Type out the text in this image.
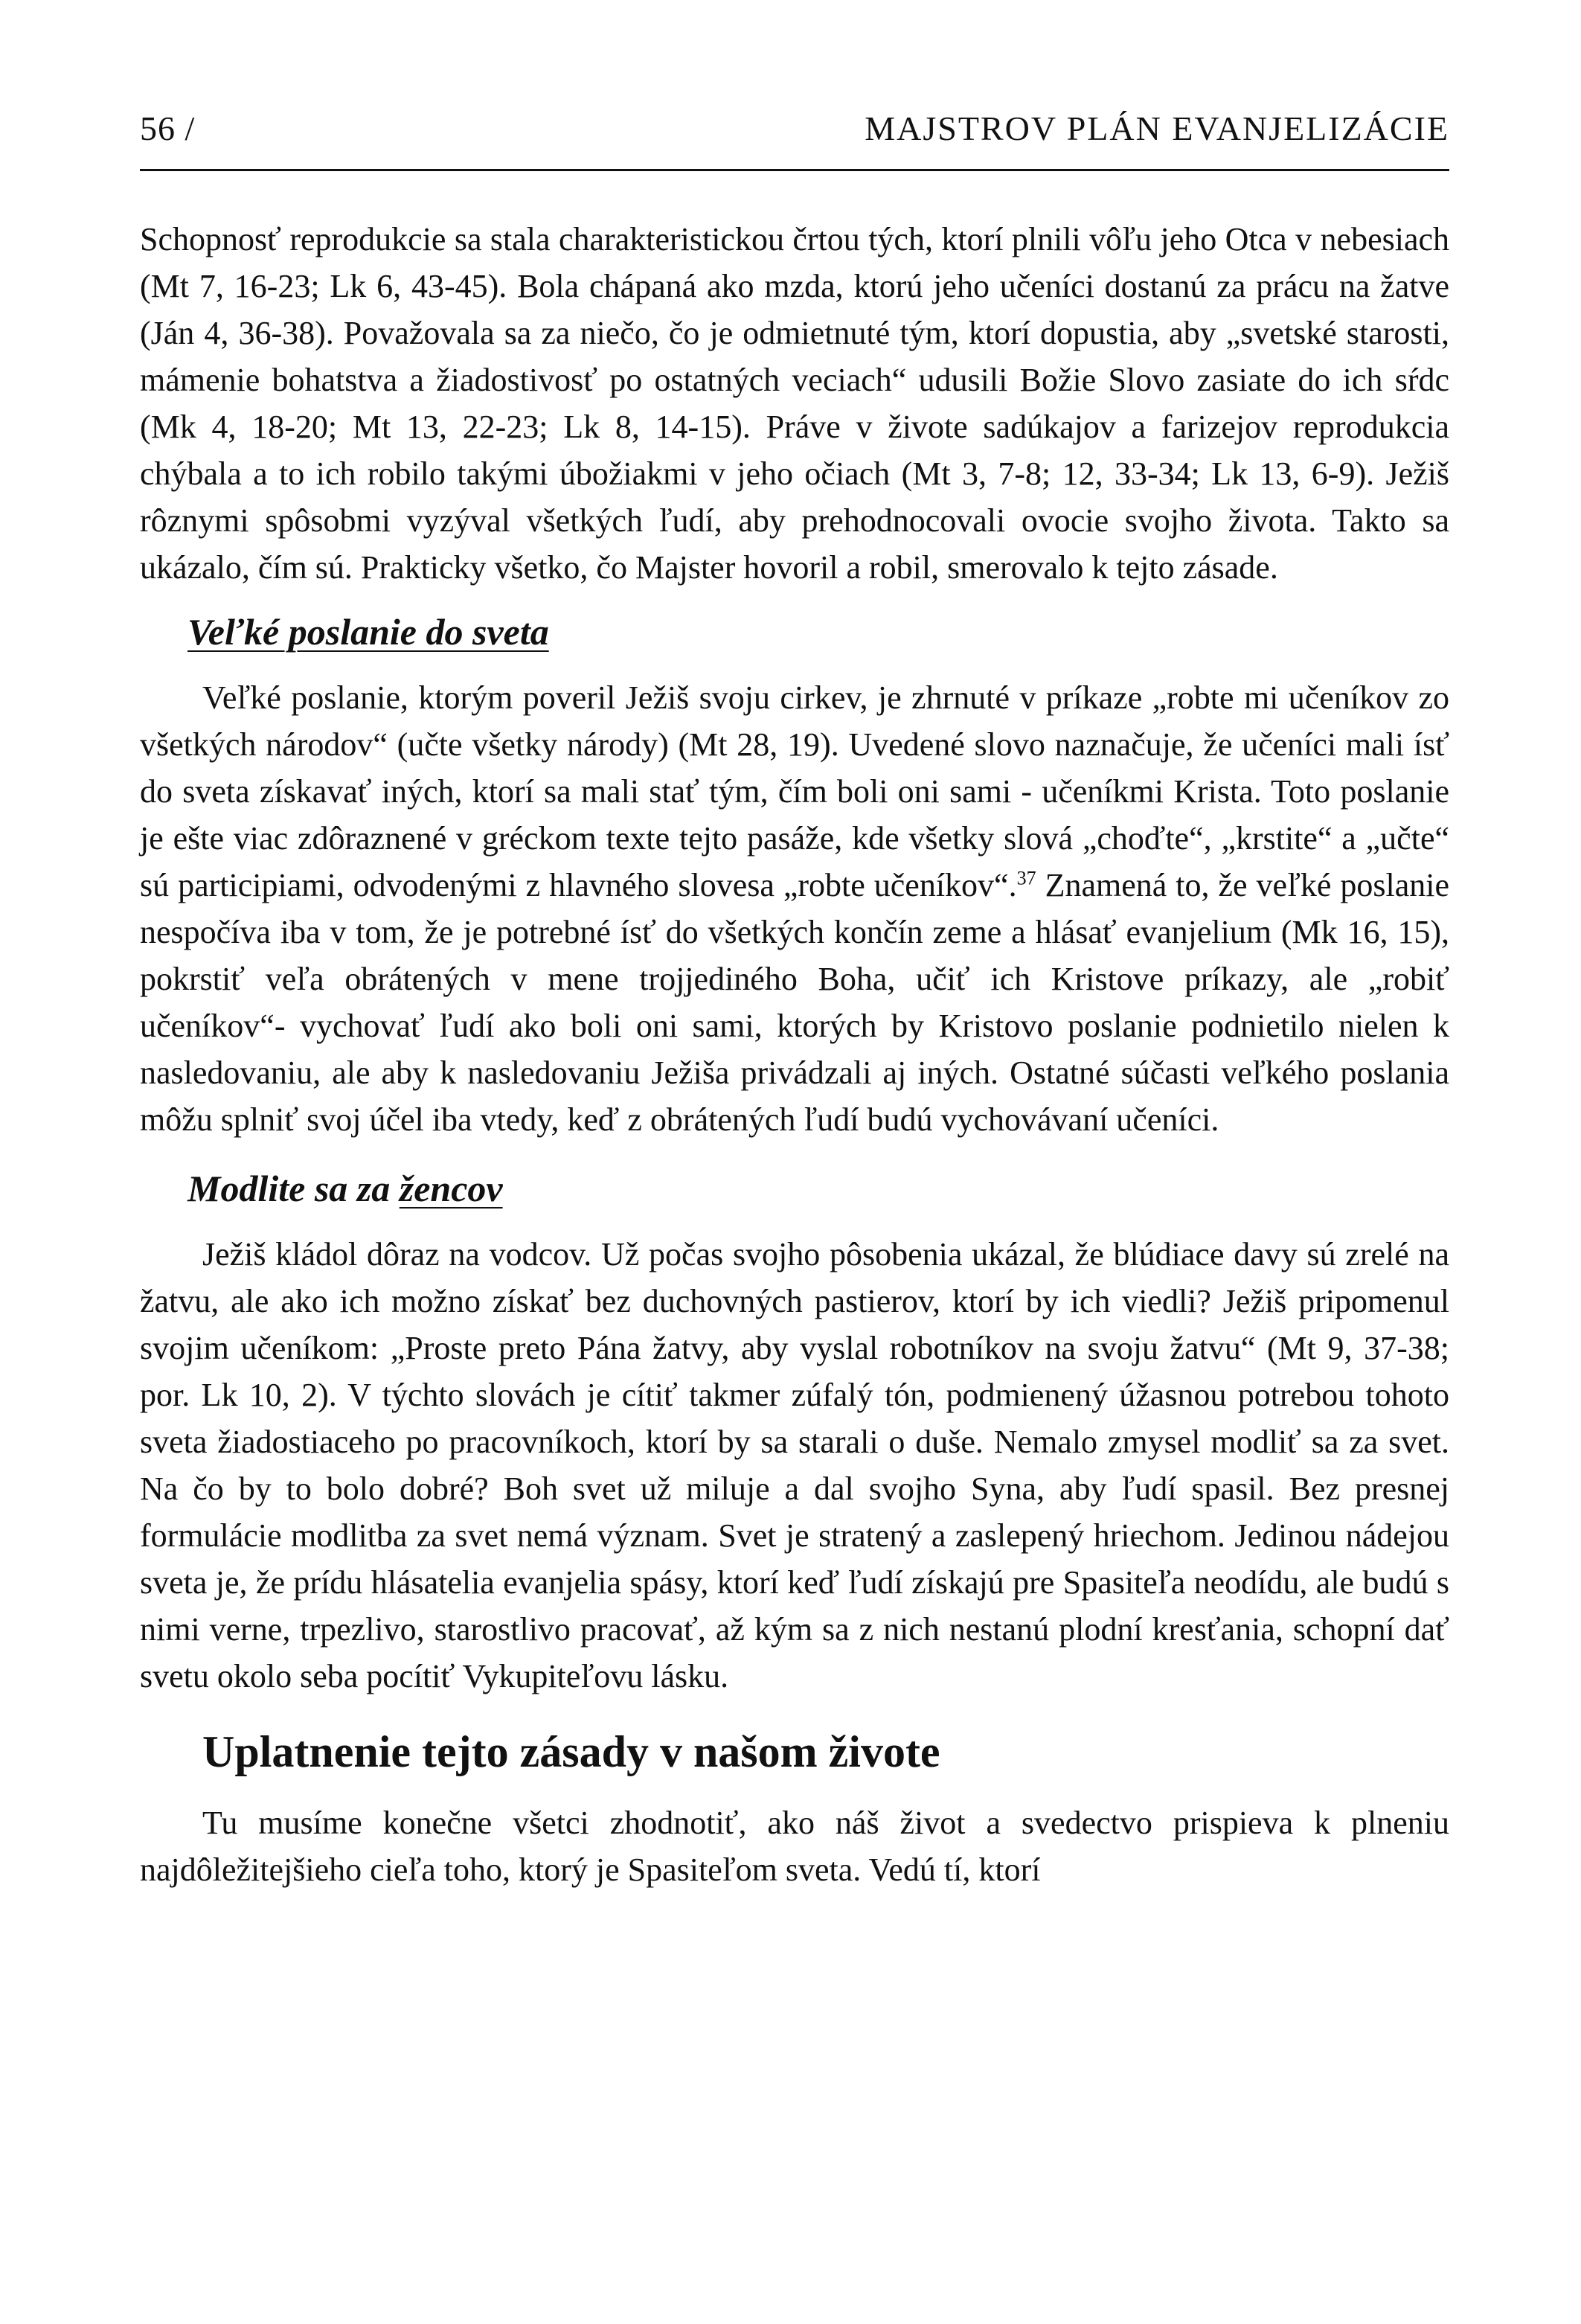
56 /	MAJSTROV PLÁN EVANJELIZÁCIE

Schopnosť reprodukcie sa stala charakteristickou črtou tých, ktorí plnili vôľu jeho Otca v nebesiach (Mt 7, 16-23; Lk 6, 43-45). Bola chápaná ako mzda, ktorú jeho učeníci dostanú za prácu na žatve (Ján 4, 36-38). Považovala sa za niečo, čo je odmietnuté tým, ktorí dopustia, aby „svetské starosti, mámenie bohatstva a žiadostivosť po ostatných veciach“ udusili Božie Slovo zasiate do ich sŕdc (Mk 4, 18-20; Mt 13, 22-23; Lk 8, 14-15). Práve v živote sadúkajov a farizejov reprodukcia chýbala a to ich robilo takými úbožiakmi v jeho očiach (Mt 3, 7-8; 12, 33-34; Lk 13, 6-9). Ježiš rôznymi spôsobmi vyzýval všetkých ľudí, aby prehodnocovali ovocie svojho života. Takto sa ukázalo, čím sú. Prakticky všetko, čo Majster hovoril a robil, smerovalo k tejto zásade.

Veľké poslanie do sveta

Veľké poslanie, ktorým poveril Ježiš svoju cirkev, je zhrnuté v príkaze „robte mi učeníkov zo všetkých národov“ (učte všetky národy) (Mt 28, 19). Uvedené slovo naznačuje, že učeníci mali ísť do sveta získavať iných, ktorí sa mali stať tým, čím boli oni sami - učeníkmi Krista. Toto poslanie je ešte viac zdôraznené v gréckom texte tejto pasáže, kde všetky slová „choďte“, „krstite“ a „učte“ sú participiami, odvodenými z hlavného slovesa „robte učeníkov“.$^{37}$ Znamená to, že veľké poslanie nespočíva iba v tom, že je potrebné ísť do všetkých končín zeme a hlásať evanjelium (Mk 16, 15), pokrstiť veľa obrátených v mene trojjediného Boha, učiť ich Kristove príkazy, ale „robiť učeníkov“- vychovať ľudí ako boli oni sami, ktorých by Kristovo poslanie podnietilo nielen k nasledovaniu, ale aby k nasledovaniu Ježiša privádzali aj iných. Ostatné súčasti veľkého poslania môžu splniť svoj účel iba vtedy, keď z obrátených ľudí budú vychovávaní učeníci.

Modlite sa za žencov

Ježiš kládol dôraz na vodcov. Už počas svojho pôsobenia ukázal, že blúdiace davy sú zrelé na žatvu, ale ako ich možno získať bez duchovných pastierov, ktorí by ich viedli? Ježiš pripomenul svojim učeníkom: „Proste preto Pána žatvy, aby vyslal robotníkov na svoju žatvu“ (Mt 9, 37-38; por. Lk 10, 2). V týchto slovách je cítiť takmer zúfalý tón, podmienený úžasnou potrebou tohoto sveta žiadostiaceho po pracovníkoch, ktorí by sa starali o duše. Nemalo zmysel modliť sa za svet. Na čo by to bolo dobré? Boh svet už miluje a dal svojho Syna, aby ľudí spasil. Bez presnej formulácie modlitba za svet nemá význam. Svet je stratený a zaslepený hriechom. Jedinou nádejou sveta je, že prídu hlásatelia evanjelia spásy, ktorí keď ľudí získajú pre Spasiteľa neodídu, ale budú s nimi verne, trpezlivo, starostlivo pracovať, až kým sa z nich nestanú plodní kresťania, schopní dať svetu okolo seba pocítiť Vykupiteľovu lásku.

Uplatnenie tejto zásady v našom živote

Tu musíme konečne všetci zhodnotiť, ako náš život a svedectvo prispieva k plneniu najdôležitejšieho cieľa toho, ktorý je Spasiteľom sveta. Vedú tí, ktorí
